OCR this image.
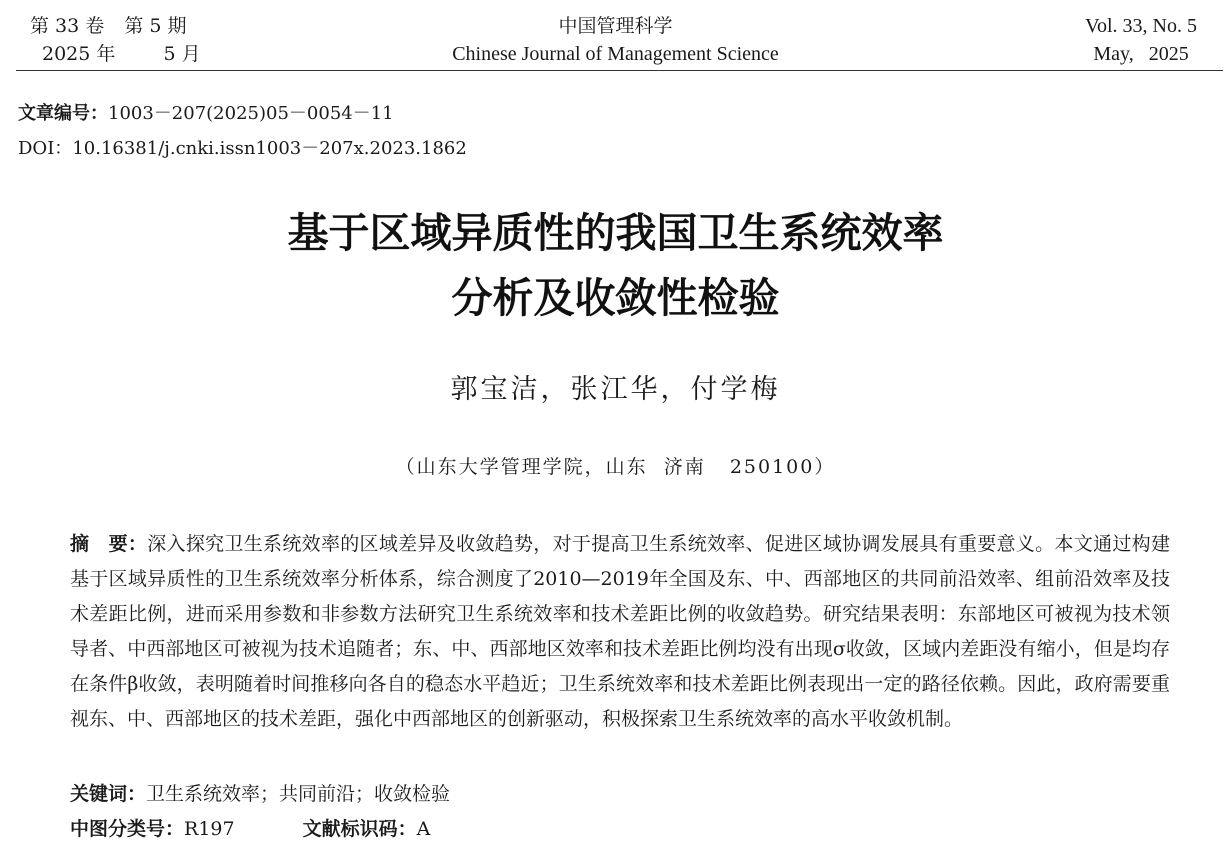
第 33 卷 第 5 期
2025 年	5 月
中国管理科学
Chinese Journal of Management Science
Vol. 33, No. 5
May,   2025
文章编号：1003－207(2025)05－0054－11
DOI：10.16381/j.cnki.issn1003－207x.2023.1862
基于区域异质性的我国卫生系统效率
分析及收敛性检验
郭宝洁，张江华，付学梅
（山东大学管理学院，山东  济南   250100）
摘　要：深入探究卫生系统效率的区域差异及收敛趋势，对于提高卫生系统效率、促进区域协调发展具有重要意义。本文通过构建基于区域异质性的卫生系统效率分析体系，综合测度了2010—2019年全国及东、中、西部地区的共同前沿效率、组前沿效率及技术差距比例，进而采用参数和非参数方法研究卫生系统效率和技术差距比例的收敛趋势。研究结果表明：东部地区可被视为技术领导者、中西部地区可被视为技术追随者；东、中、西部地区效率和技术差距比例均没有出现σ收敛，区域内差距没有缩小，但是均存在条件β收敛，表明随着时间推移向各自的稳态水平趋近；卫生系统效率和技术差距比例表现出一定的路径依赖。因此，政府需要重视东、中、西部地区的技术差距，强化中西部地区的创新驱动，积极探索卫生系统效率的高水平收敛机制。
关键词：卫生系统效率；共同前沿；收敛检验
中图分类号：R197	文献标识码：A
